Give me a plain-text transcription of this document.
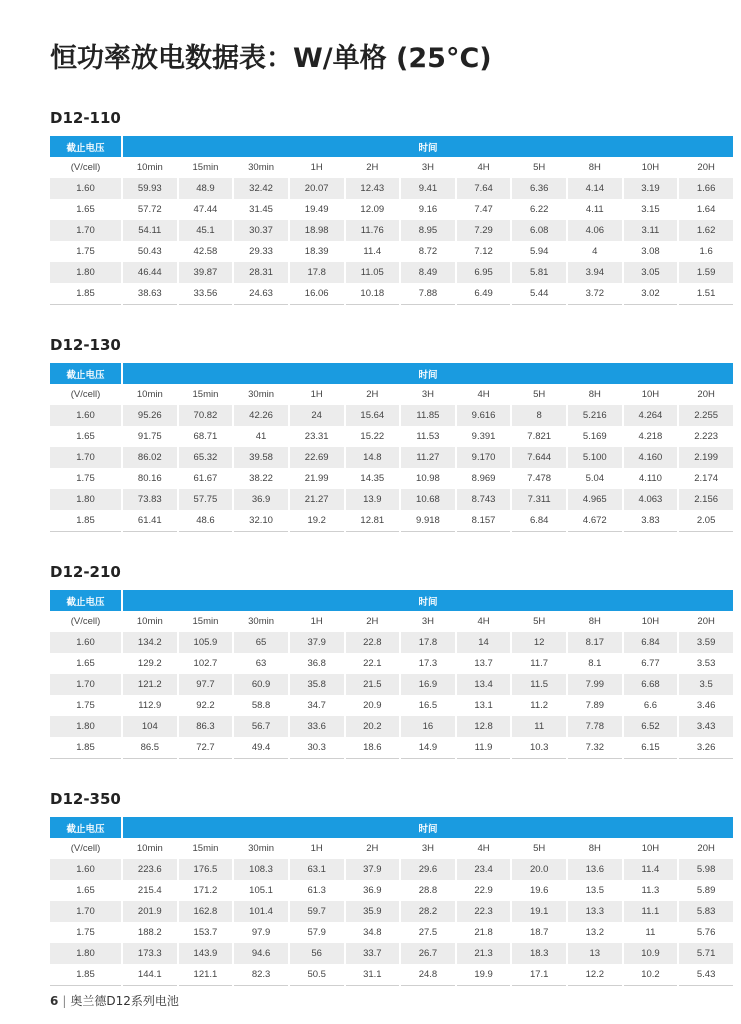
恒功率放电数据表：W/单格 (25°C)
D12-110
截止电压	时间										
(V/cell)	10min	15min	30min	1H	2H	3H	4H	5H	8H	10H	20H
1.60	59.93	48.9	32.42	20.07	12.43	9.41	7.64	6.36	4.14	3.19	1.66
1.65	57.72	47.44	31.45	19.49	12.09	9.16	7.47	6.22	4.11	3.15	1.64
1.70	54.11	45.1	30.37	18.98	11.76	8.95	7.29	6.08	4.06	3.11	1.62
1.75	50.43	42.58	29.33	18.39	11.4	8.72	7.12	5.94	4	3.08	1.6
1.80	46.44	39.87	28.31	17.8	11.05	8.49	6.95	5.81	3.94	3.05	1.59
1.85	38.63	33.56	24.63	16.06	10.18	7.88	6.49	5.44	3.72	3.02	1.51
D12-130
截止电压	时间										
(V/cell)	10min	15min	30min	1H	2H	3H	4H	5H	8H	10H	20H
1.60	95.26	70.82	42.26	24	15.64	11.85	9.616	8	5.216	4.264	2.255
1.65	91.75	68.71	41	23.31	15.22	11.53	9.391	7.821	5.169	4.218	2.223
1.70	86.02	65.32	39.58	22.69	14.8	11.27	9.170	7.644	5.100	4.160	2.199
1.75	80.16	61.67	38.22	21.99	14.35	10.98	8.969	7.478	5.04	4.110	2.174
1.80	73.83	57.75	36.9	21.27	13.9	10.68	8.743	7.311	4.965	4.063	2.156
1.85	61.41	48.6	32.10	19.2	12.81	9.918	8.157	6.84	4.672	3.83	2.05
D12-210
截止电压	时间										
(V/cell)	10min	15min	30min	1H	2H	3H	4H	5H	8H	10H	20H
1.60	134.2	105.9	65	37.9	22.8	17.8	14	12	8.17	6.84	3.59
1.65	129.2	102.7	63	36.8	22.1	17.3	13.7	11.7	8.1	6.77	3.53
1.70	121.2	97.7	60.9	35.8	21.5	16.9	13.4	11.5	7.99	6.68	3.5
1.75	112.9	92.2	58.8	34.7	20.9	16.5	13.1	11.2	7.89	6.6	3.46
1.80	104	86.3	56.7	33.6	20.2	16	12.8	11	7.78	6.52	3.43
1.85	86.5	72.7	49.4	30.3	18.6	14.9	11.9	10.3	7.32	6.15	3.26
D12-350
截止电压	时间										
(V/cell)	10min	15min	30min	1H	2H	3H	4H	5H	8H	10H	20H
1.60	223.6	176.5	108.3	63.1	37.9	29.6	23.4	20.0	13.6	11.4	5.98
1.65	215.4	171.2	105.1	61.3	36.9	28.8	22.9	19.6	13.5	11.3	5.89
1.70	201.9	162.8	101.4	59.7	35.9	28.2	22.3	19.1	13.3	11.1	5.83
1.75	188.2	153.7	97.9	57.9	34.8	27.5	21.8	18.7	13.2	11	5.76
1.80	173.3	143.9	94.6	56	33.7	26.7	21.3	18.3	13	10.9	5.71
1.85	144.1	121.1	82.3	50.5	31.1	24.8	19.9	17.1	12.2	10.2	5.43
6 | 奥兰德D12系列电池
